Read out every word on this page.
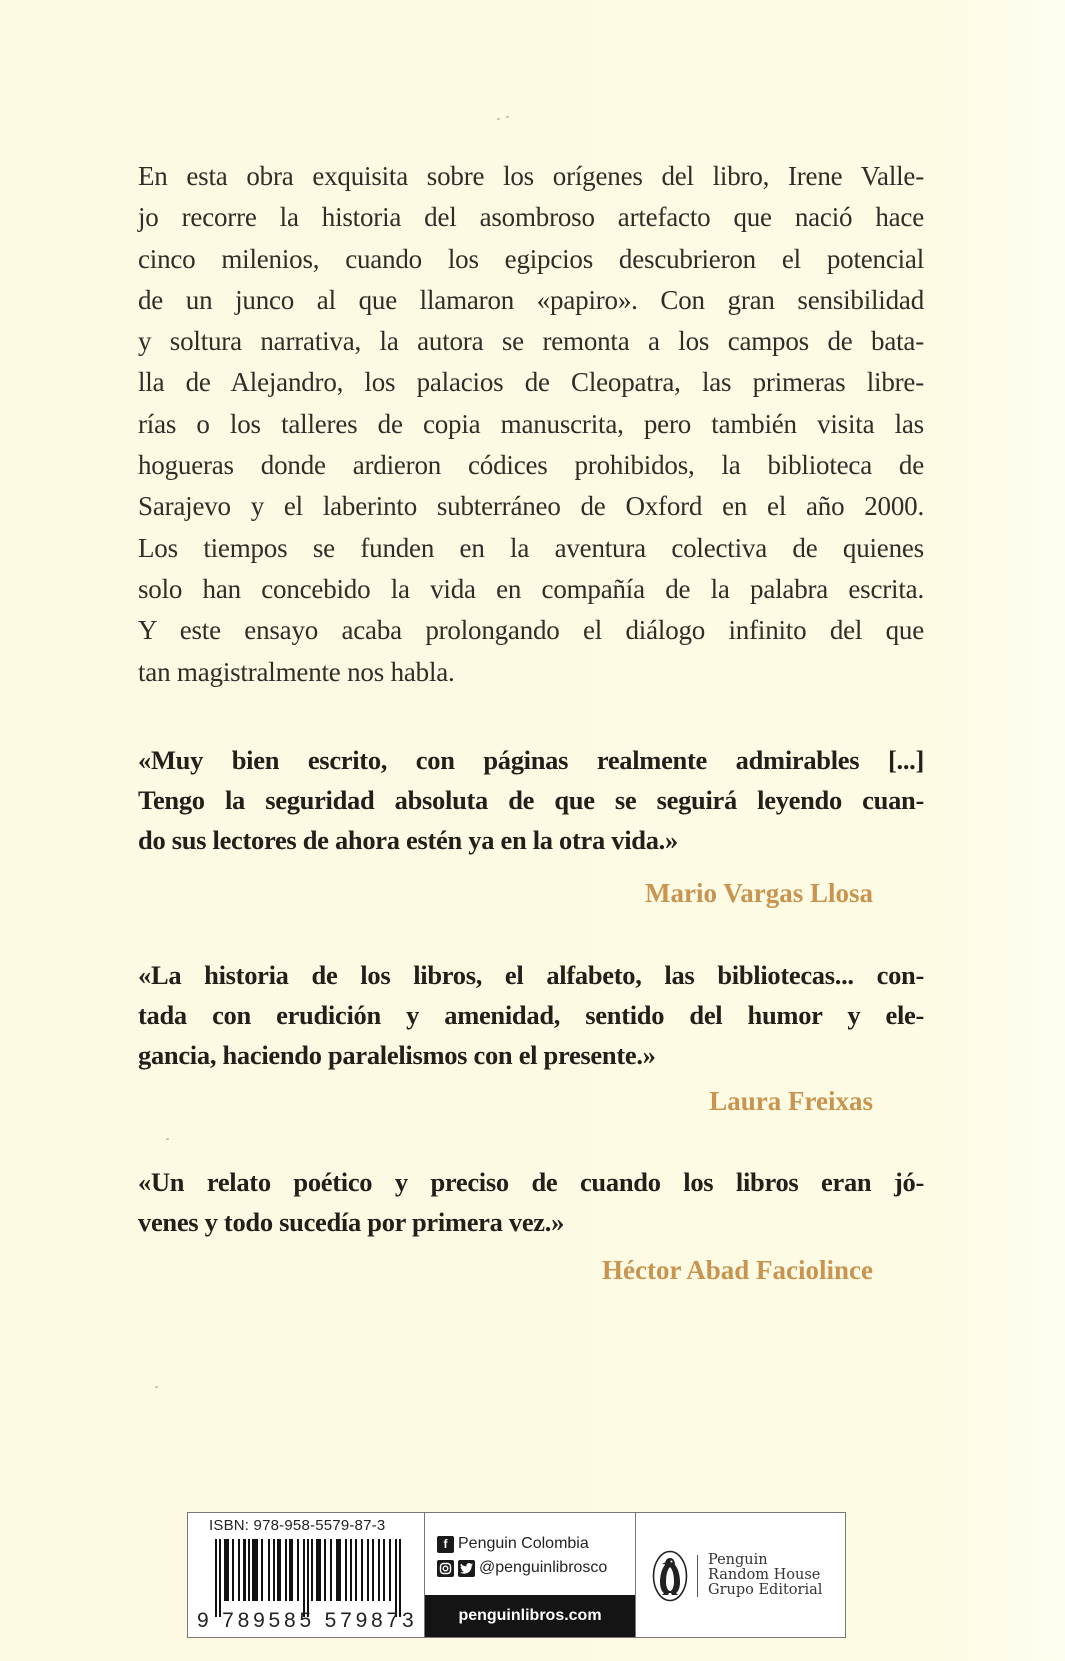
En esta obra exquisita sobre los orígenes del libro, Irene Valle-
jo recorre la historia del asombroso artefacto que nació hace
cinco milenios, cuando los egipcios descubrieron el potencial
de un junco al que llamaron «papiro». Con gran sensibilidad
y soltura narrativa, la autora se remonta a los campos de bata-
lla de Alejandro, los palacios de Cleopatra, las primeras libre-
rías o los talleres de copia manuscrita, pero también visita las
hogueras donde ardieron códices prohibidos, la biblioteca de
Sarajevo y el laberinto subterráneo de Oxford en el año 2000.
Los tiempos se funden en la aventura colectiva de quienes
solo han concebido la vida en compañía de la palabra escrita.
Y este ensayo acaba prolongando el diálogo infinito del que
tan magistralmente nos habla.
«Muy bien escrito, con páginas realmente admirables [...]
Tengo la seguridad absoluta de que se seguirá leyendo cuan-
do sus lectores de ahora estén ya en la otra vida.»
Mario Vargas Llosa
«La historia de los libros, el alfabeto, las bibliotecas... con-
tada con erudición y amenidad, sentido del humor y ele-
gancia, haciendo paralelismos con el presente.»
Laura Freixas
«Un relato poético y preciso de cuando los libros eran jó-
venes y todo sucedía por primera vez.»
Héctor Abad Faciolince
ISBN: 978-958-5579-87-3
9 789585 579873
f Penguin Colombia
@penguinlibrosco
penguinlibros.com
Penguin
Random House
Grupo Editorial
